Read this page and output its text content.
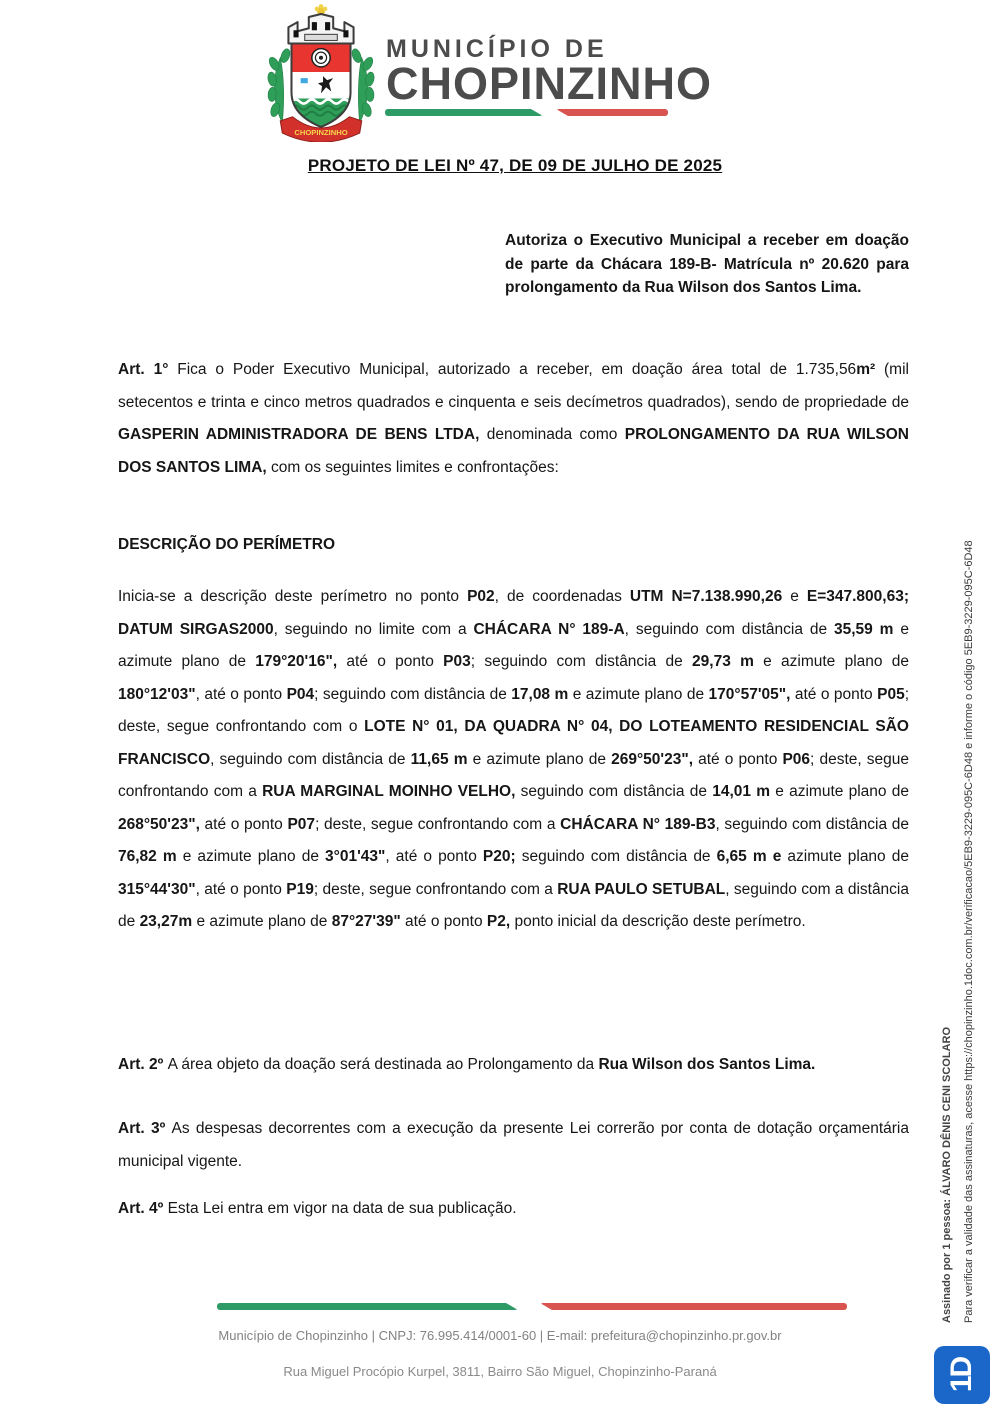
CHOPINZINHO
MUNICÍPIO DE
CHOPINZINHO
PROJETO DE LEI Nº 47, DE 09 DE JULHO DE 2025
Autoriza o Executivo Municipal a receber em doação de parte da Chácara 189-B- Matrícula nº 20.620 para prolongamento da Rua Wilson dos Santos Lima.
Art. 1° Fica o Poder Executivo Municipal, autorizado a receber, em doação área total de 1.735,56m² (mil setecentos e trinta e cinco metros quadrados e cinquenta e seis decímetros quadrados), sendo de propriedade de GASPERIN ADMINISTRADORA DE BENS LTDA, denominada como PROLONGAMENTO DA RUA WILSON DOS SANTOS LIMA, com os seguintes limites e confrontações:
DESCRIÇÃO DO PERÍMETRO
Inicia-se a descrição deste perímetro no ponto P02, de coordenadas UTM N=7.138.990,26 e E=347.800,63; DATUM SIRGAS2000, seguindo no limite com a CHÁCARA N° 189-A, seguindo com distância de 35,59 m e azimute plano de 179°20'16", até o ponto P03; seguindo com distância de 29,73 m e azimute plano de 180°12'03", até o ponto P04; seguindo com distância de 17,08 m e azimute plano de 170°57'05", até o ponto P05; deste, segue confrontando com o LOTE N° 01, DA QUADRA N° 04, DO LOTEAMENTO RESIDENCIAL SÃO FRANCISCO, seguindo com distância de 11,65 m e azimute plano de 269°50'23", até o ponto P06; deste, segue confrontando com a RUA MARGINAL MOINHO VELHO, seguindo com distância de 14,01 m e azimute plano de 268°50'23", até o ponto P07; deste, segue confrontando com a CHÁCARA N° 189-B3, seguindo com distância de 76,82 m e azimute plano de 3°01'43", até o ponto P20; seguindo com distância de 6,65 m e azimute plano de 315°44'30", até o ponto P19; deste, segue confrontando com a RUA PAULO SETUBAL, seguindo com a distância de 23,27m e azimute plano de 87°27'39" até o ponto P2, ponto inicial da descrição deste perímetro.
Art. 2º A área objeto da doação será destinada ao Prolongamento da Rua Wilson dos Santos Lima.
Art. 3º As despesas decorrentes com a execução da presente Lei correrão por conta de dotação orçamentária municipal vigente.
Art. 4º Esta Lei entra em vigor na data de sua publicação.
Município de Chopinzinho | CNPJ: 76.995.414/0001-60 | E-mail: prefeitura@chopinzinho.pr.gov.br
Rua Miguel Procópio Kurpel, 3811, Bairro São Miguel, Chopinzinho-Paraná
Assinado por 1 pessoa: ÁLVARO DÊNIS CENI SCOLARO Para verificar a validade das assinaturas, acesse https://chopinzinho.1doc.com.br/verificacao/5EB9-3229-095C-6D48 e informe o código 5EB9-3229-095C-6D48
1D
